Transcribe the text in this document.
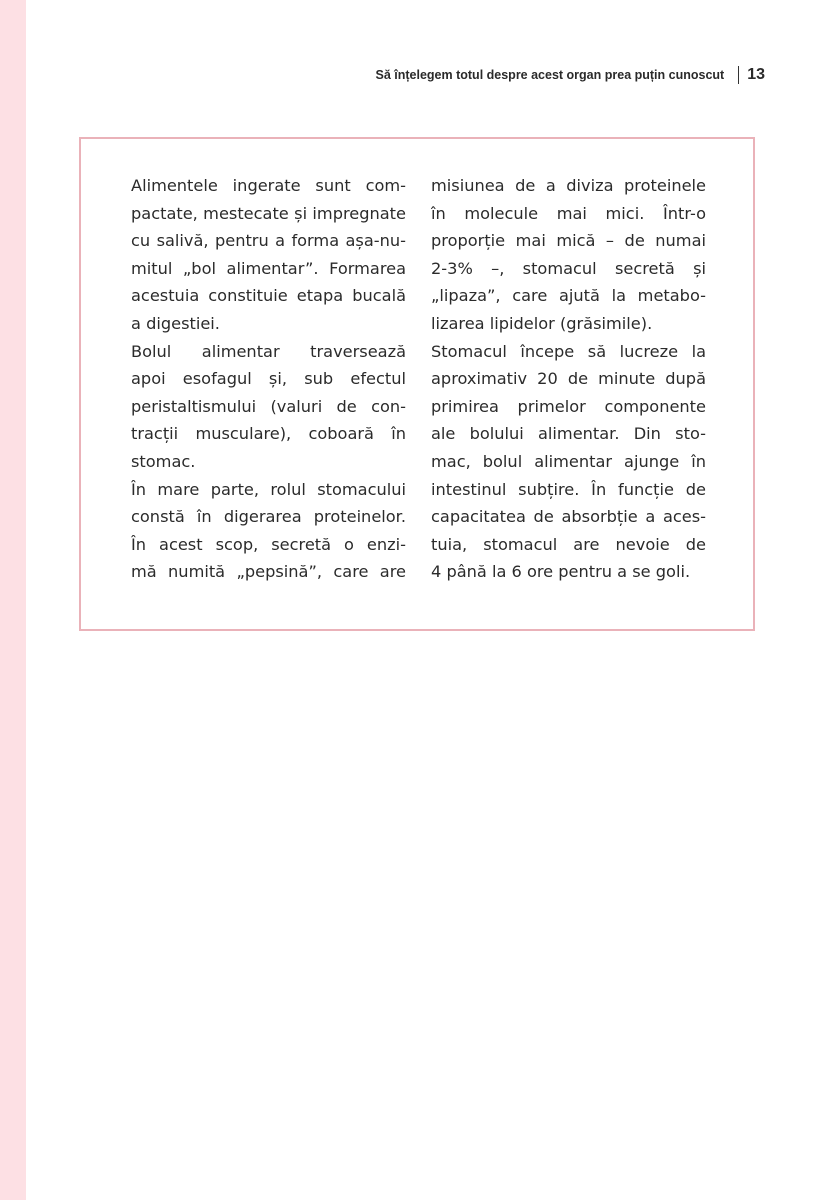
Să înțelegem totul despre acest organ prea puțin cunoscut 13
Alimentele ingerate sunt com-
pactate, mestecate și impregnate
cu salivă, pentru a forma așa-nu-
mitul „bol alimentar”. Formarea
acestuia constituie etapa bucală
a digestiei.
Bolul alimentar traversează
apoi esofagul și, sub efectul
peristaltismului (valuri de con-
tracții musculare), coboară în
stomac.
În mare parte, rolul stomacului
constă în digerarea proteinelor.
În acest scop, secretă o enzi-
mă numită „pepsină”, care are
misiunea de a diviza proteinele
în molecule mai mici. Într-o
proporție mai mică – de numai
2-3% –, stomacul secretă și
„lipaza”, care ajută la metabo-
lizarea lipidelor (grăsimile).
Stomacul începe să lucreze la
aproximativ 20 de minute după
primirea primelor componente
ale bolului alimentar. Din sto-
mac, bolul alimentar ajunge în
intestinul subțire. În funcție de
capacitatea de absorbție a aces-
tuia, stomacul are nevoie de
4 până la 6 ore pentru a se goli.
